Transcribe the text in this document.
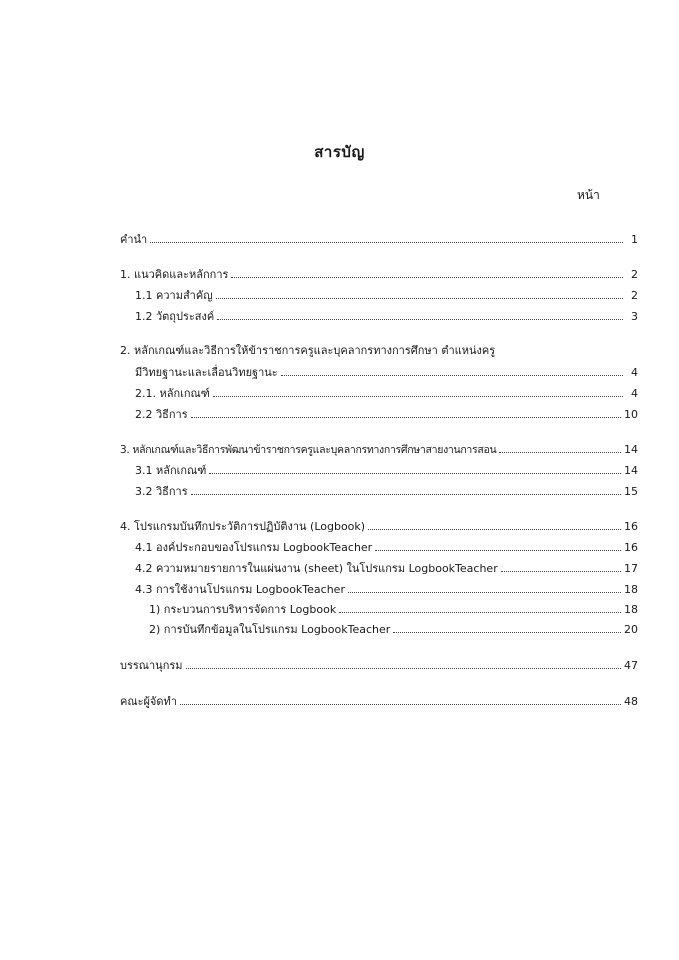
สารบัญ
หน้า
คำนำ	1
1. แนวคิดและหลักการ	2
1.1 ความสำคัญ	2
1.2 วัตถุประสงค์	3
2. หลักเกณฑ์และวิธีการให้ข้าราชการครูและบุคลากรทางการศึกษา ตำแหน่งครู
มีวิทยฐานะและเลื่อนวิทยฐานะ	4
2.1. หลักเกณฑ์	4
2.2 วิธีการ	10
3. หลักเกณฑ์และวิธีการพัฒนาข้าราชการครูและบุคลากรทางการศึกษาสายงานการสอน	14
3.1 หลักเกณฑ์	14
3.2 วิธีการ	15
4. โปรแกรมบันทึกประวัติการปฏิบัติงาน (Logbook)	16
4.1 องค์ประกอบของโปรแกรม LogbookTeacher	16
4.2 ความหมายรายการในแผ่นงาน (sheet) ในโปรแกรม LogbookTeacher	17
4.3 การใช้งานโปรแกรม LogbookTeacher	18
1) กระบวนการบริหารจัดการ Logbook	18
2) การบันทึกข้อมูลในโปรแกรม LogbookTeacher	20
บรรณานุกรม	47
คณะผู้จัดทำ	48
